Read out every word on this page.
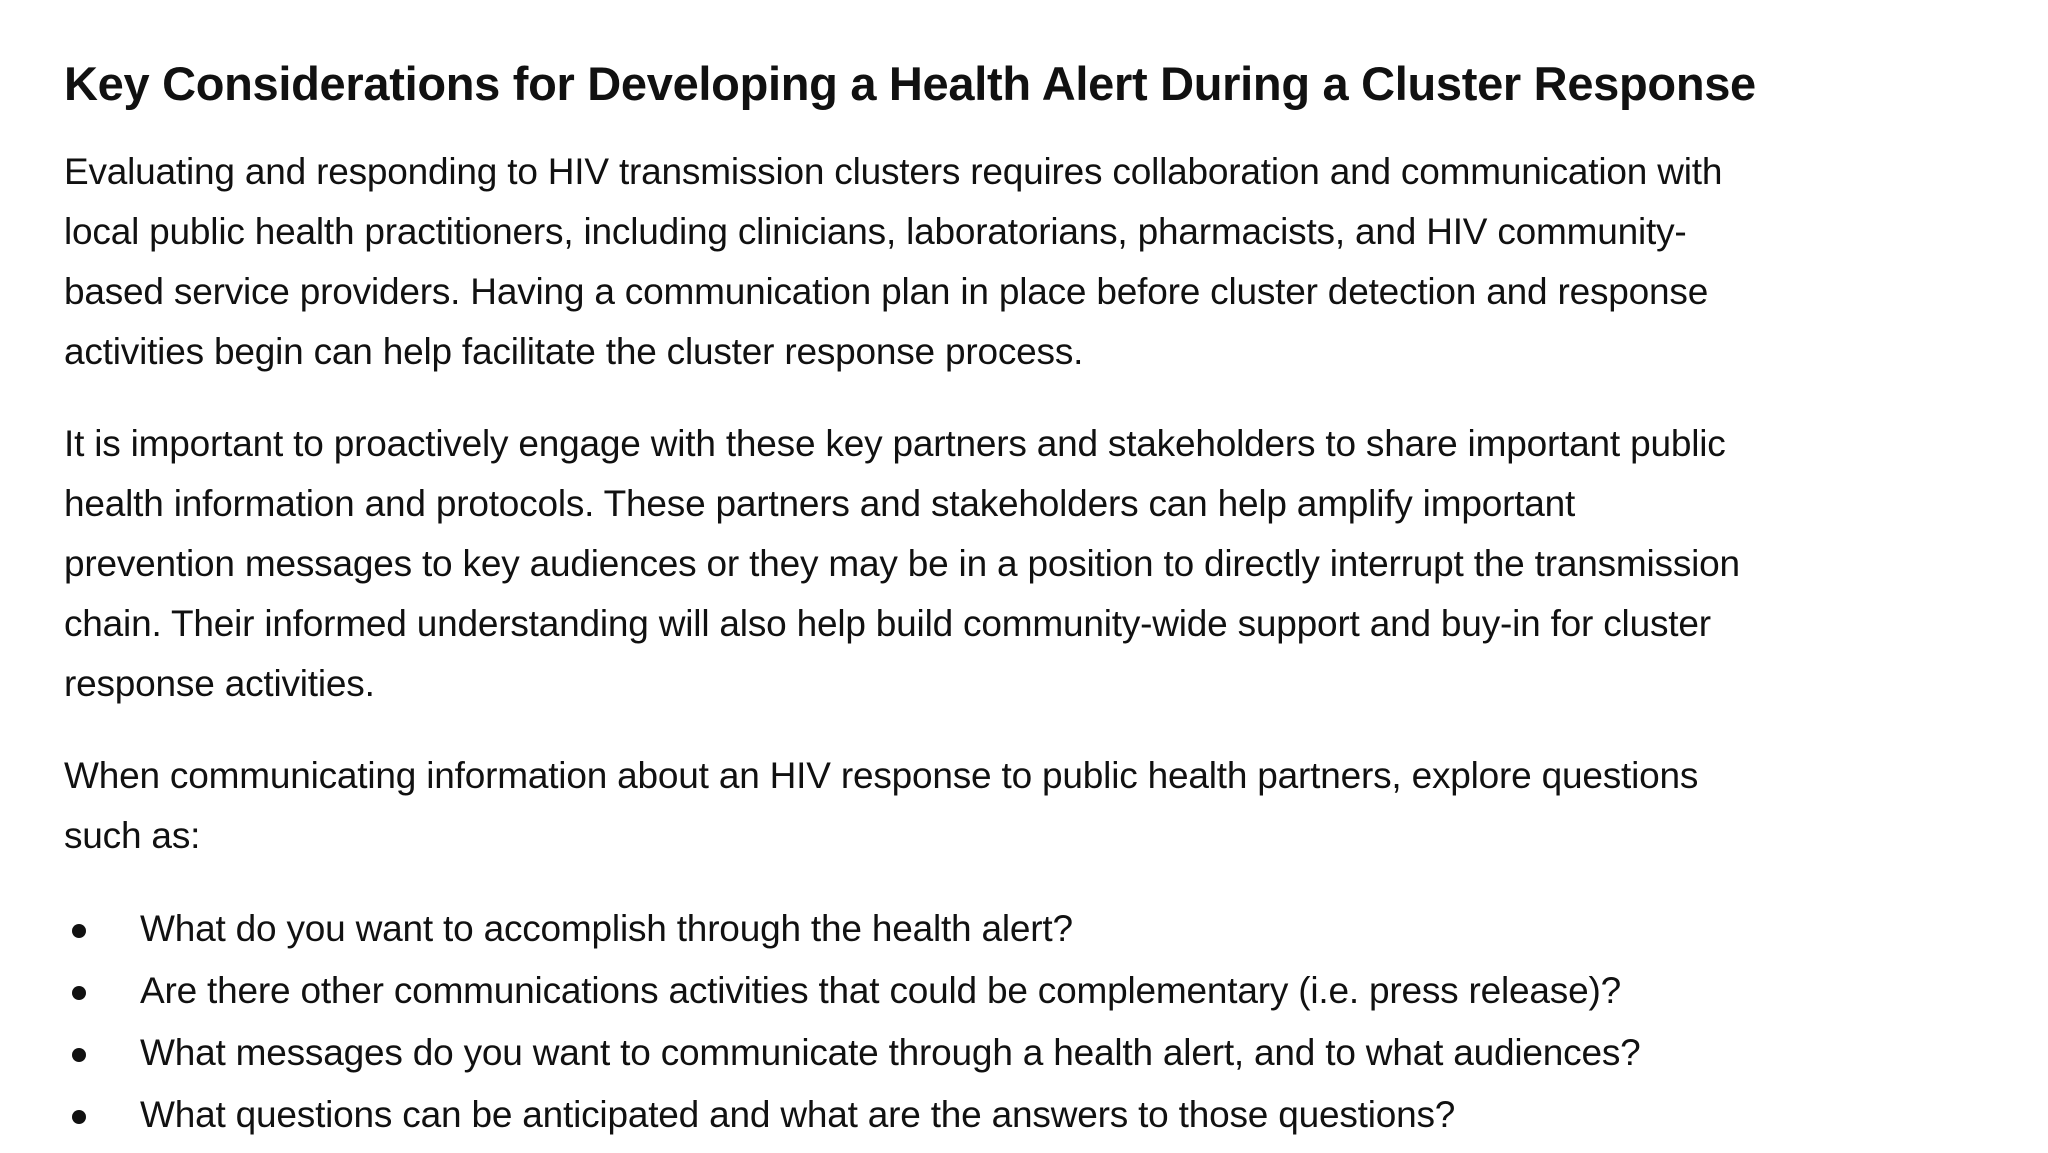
Key Considerations for Developing a Health Alert During a Cluster Response

Evaluating and responding to HIV transmission clusters requires collaboration and communication with
local public health practitioners, including clinicians, laboratorians, pharmacists, and HIV community-
based service providers. Having a communication plan in place before cluster detection and response
activities begin can help facilitate the cluster response process.

It is important to proactively engage with these key partners and stakeholders to share important public
health information and protocols. These partners and stakeholders can help amplify important
prevention messages to key audiences or they may be in a position to directly interrupt the transmission
chain. Their informed understanding will also help build community-wide support and buy-in for cluster
response activities.

When communicating information about an HIV response to public health partners, explore questions
such as:

What do you want to accomplish through the health alert?
Are there other communications activities that could be complementary (i.e. press release)?
What messages do you want to communicate through a health alert, and to what audiences?
What questions can be anticipated and what are the answers to those questions?
